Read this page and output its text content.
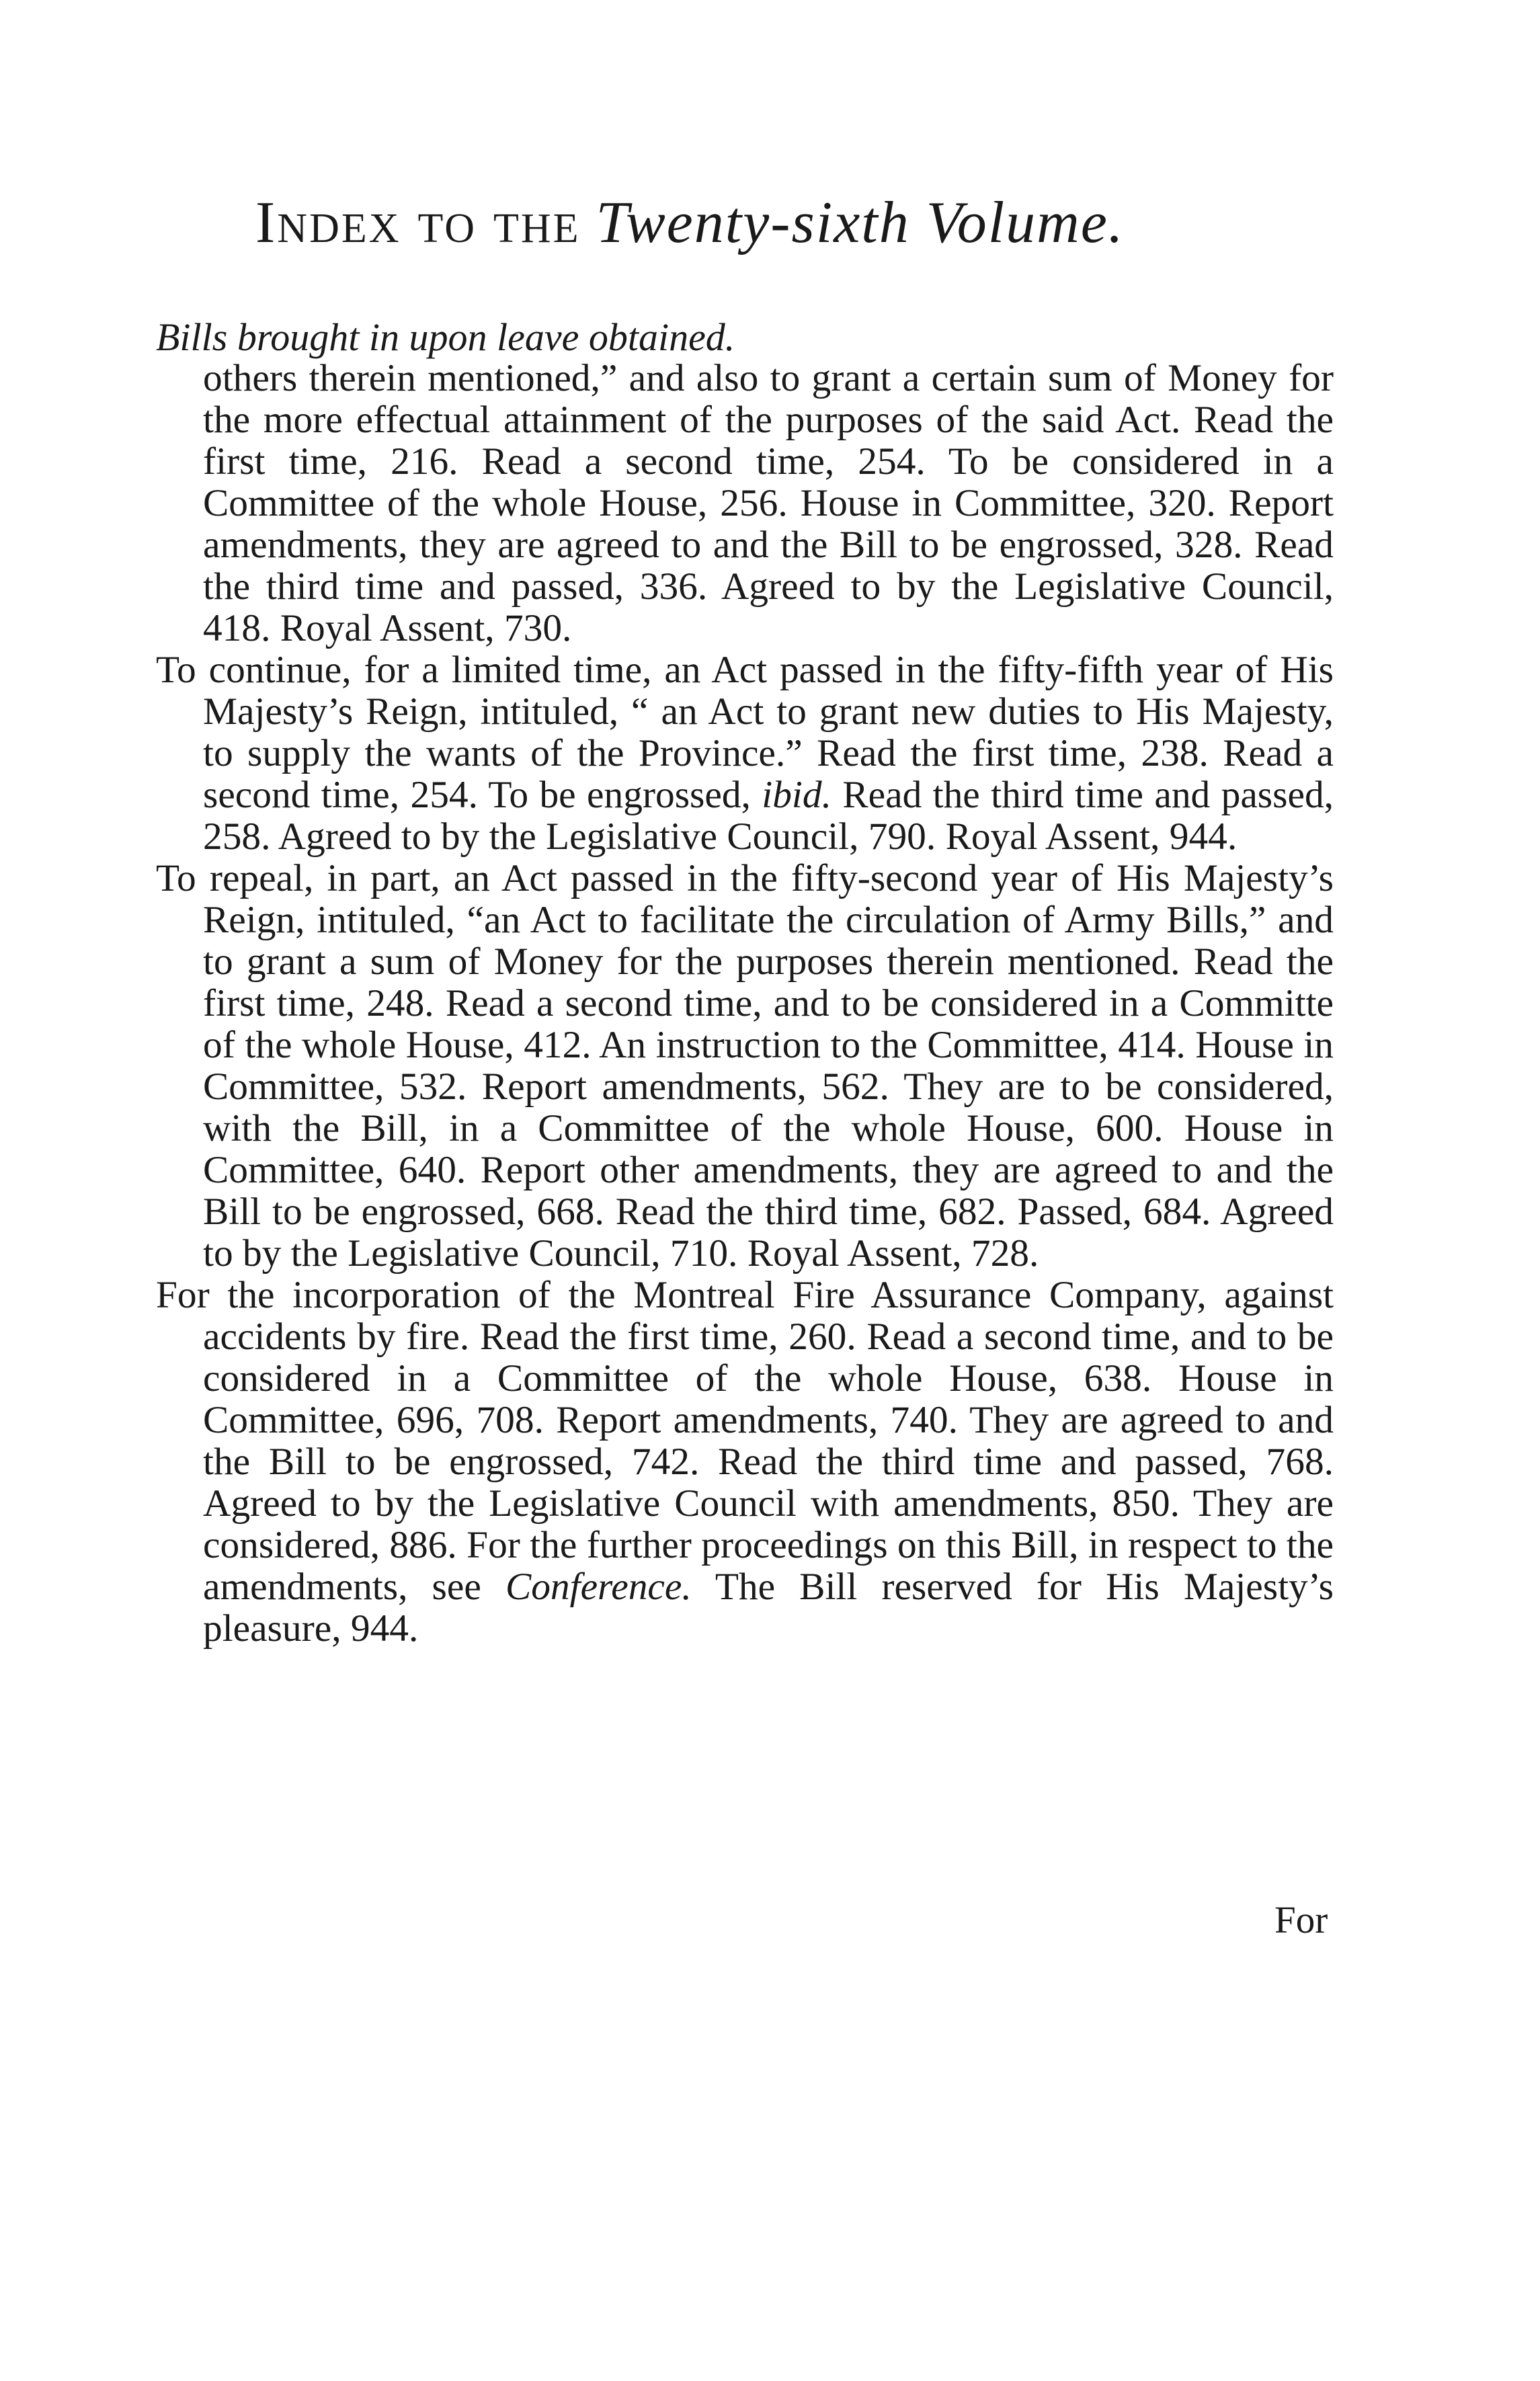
Index to the Twenty-sixth Volume.
Bills brought in upon leave obtained.

others therein mentioned,” and also to grant a certain sum of Money for the more effectual attainment of the purposes of the said Act. Read the first time, 216. Read a second time, 254. To be considered in a Committee of the whole House, 256. House in Committee, 320. Report amendments, they are agreed to and the Bill to be engrossed, 328. Read the third time and passed, 336. Agreed to by the Legislative Council, 418. Royal Assent, 730.

To continue, for a limited time, an Act passed in the fifty-fifth year of His Majesty’s Reign, intituled, “ an Act to grant new duties to His Majesty, to supply the wants of the Province.” Read the first time, 238. Read a second time, 254. To be engrossed, ibid. Read the third time and passed, 258. Agreed to by the Legislative Council, 790. Royal Assent, 944.

To repeal, in part, an Act passed in the fifty-second year of His Majesty’s Reign, intituled, “an Act to facilitate the circulation of Army Bills,” and to grant a sum of Money for the purposes therein mentioned. Read the first time, 248. Read a second time, and to be considered in a Committe of the whole House, 412. An instruction to the Committee, 414. House in Committee, 532. Report amendments, 562. They are to be considered, with the Bill, in a Committee of the whole House, 600. House in Committee, 640. Report other amendments, they are agreed to and the Bill to be engrossed, 668. Read the third time, 682. Passed, 684. Agreed to by the Legislative Council, 710. Royal Assent, 728.

For the incorporation of the Montreal Fire Assurance Company, against accidents by fire. Read the first time, 260. Read a second time, and to be considered in a Committee of the whole House, 638. House in Committee, 696, 708. Report amendments, 740. They are agreed to and the Bill to be engrossed, 742. Read the third time and passed, 768. Agreed to by the Legislative Council with amendments, 850. They are considered, 886. For the further proceedings on this Bill, in respect to the amendments, see Conference. The Bill reserved for His Majesty’s pleasure, 944.

For
